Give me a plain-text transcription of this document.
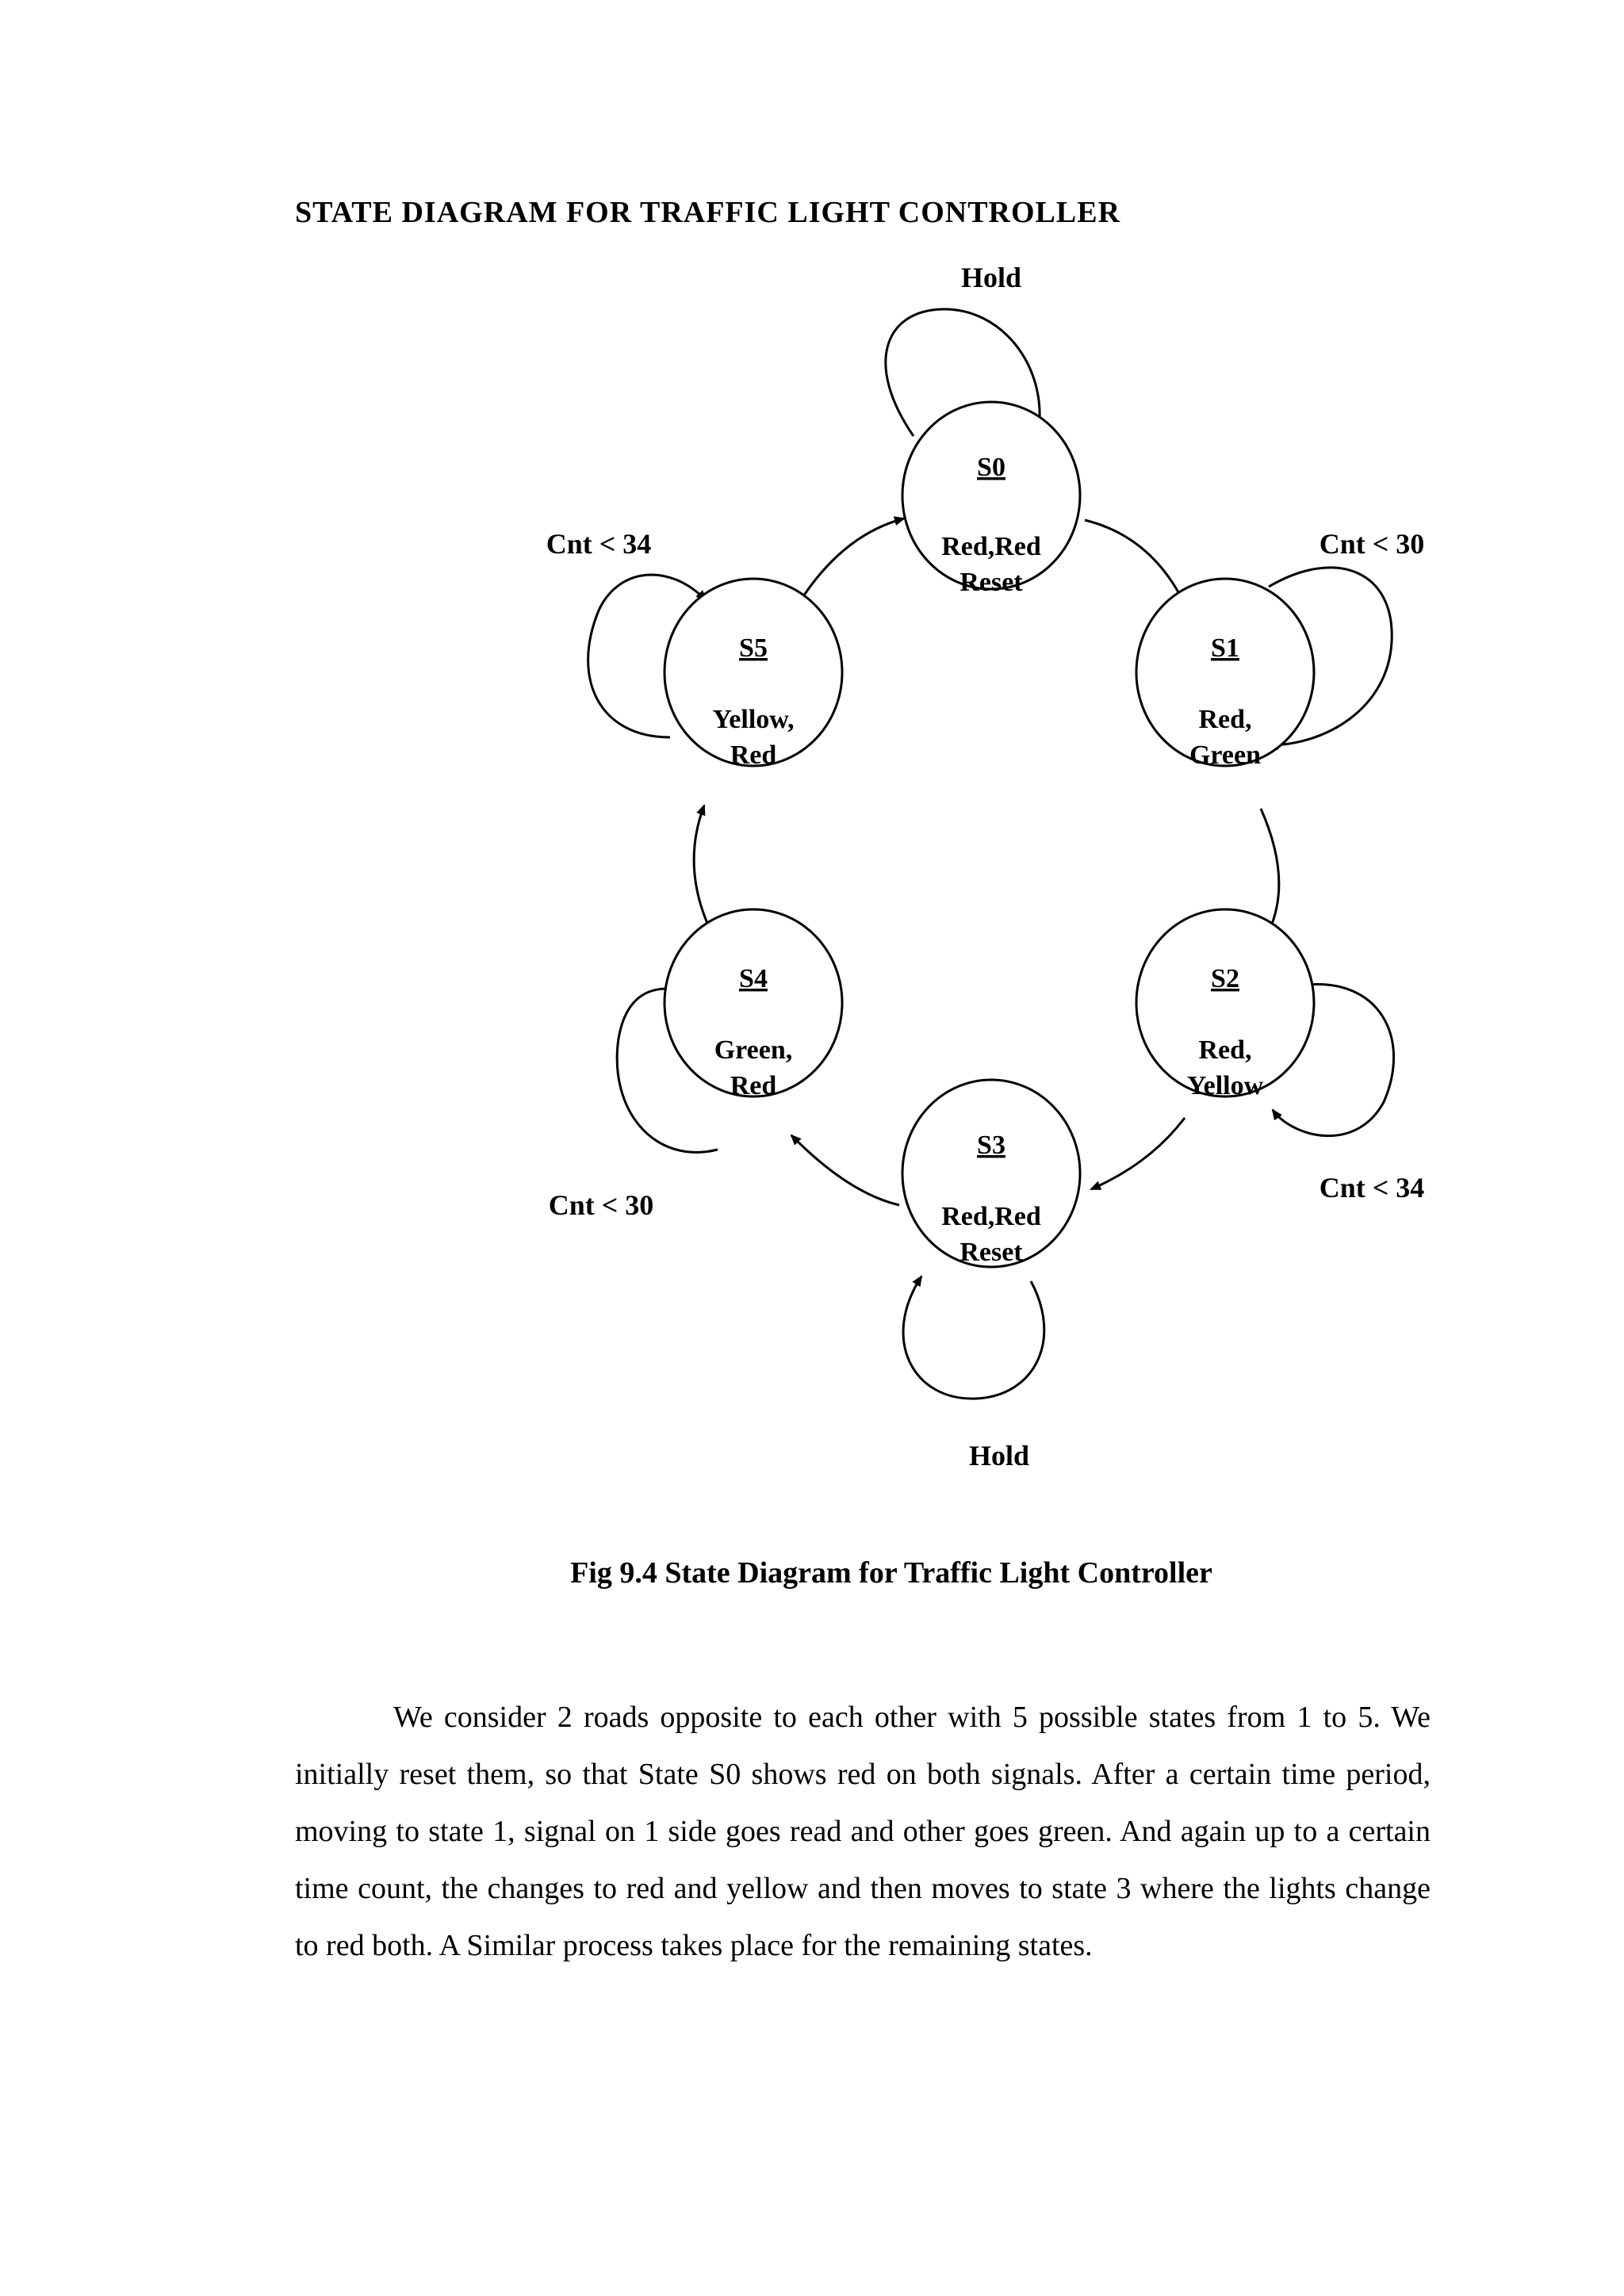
STATE DIAGRAM FOR TRAFFIC LIGHT CONTROLLER
S0
Red,Red
Reset
S1
Red,
Green
S2
Red,
Yellow
S3
Red,Red
Reset
S4
Green,
Red
S5
Yellow,
Red
Hold
Cnt < 30
Cnt < 34
Hold
Cnt < 30
Cnt < 34
Fig 9.4 State Diagram for Traffic Light Controller

We consider 2 roads opposite to each other with 5 possible states from 1 to 5. We initially reset them, so that State S0 shows red on both signals. After a certain time period, moving to state 1, signal on 1 side goes read and other goes green. And again up to a certain time count, the changes to red and yellow and then moves to state 3 where the lights change to red both. A Similar process takes place for the remaining states.
